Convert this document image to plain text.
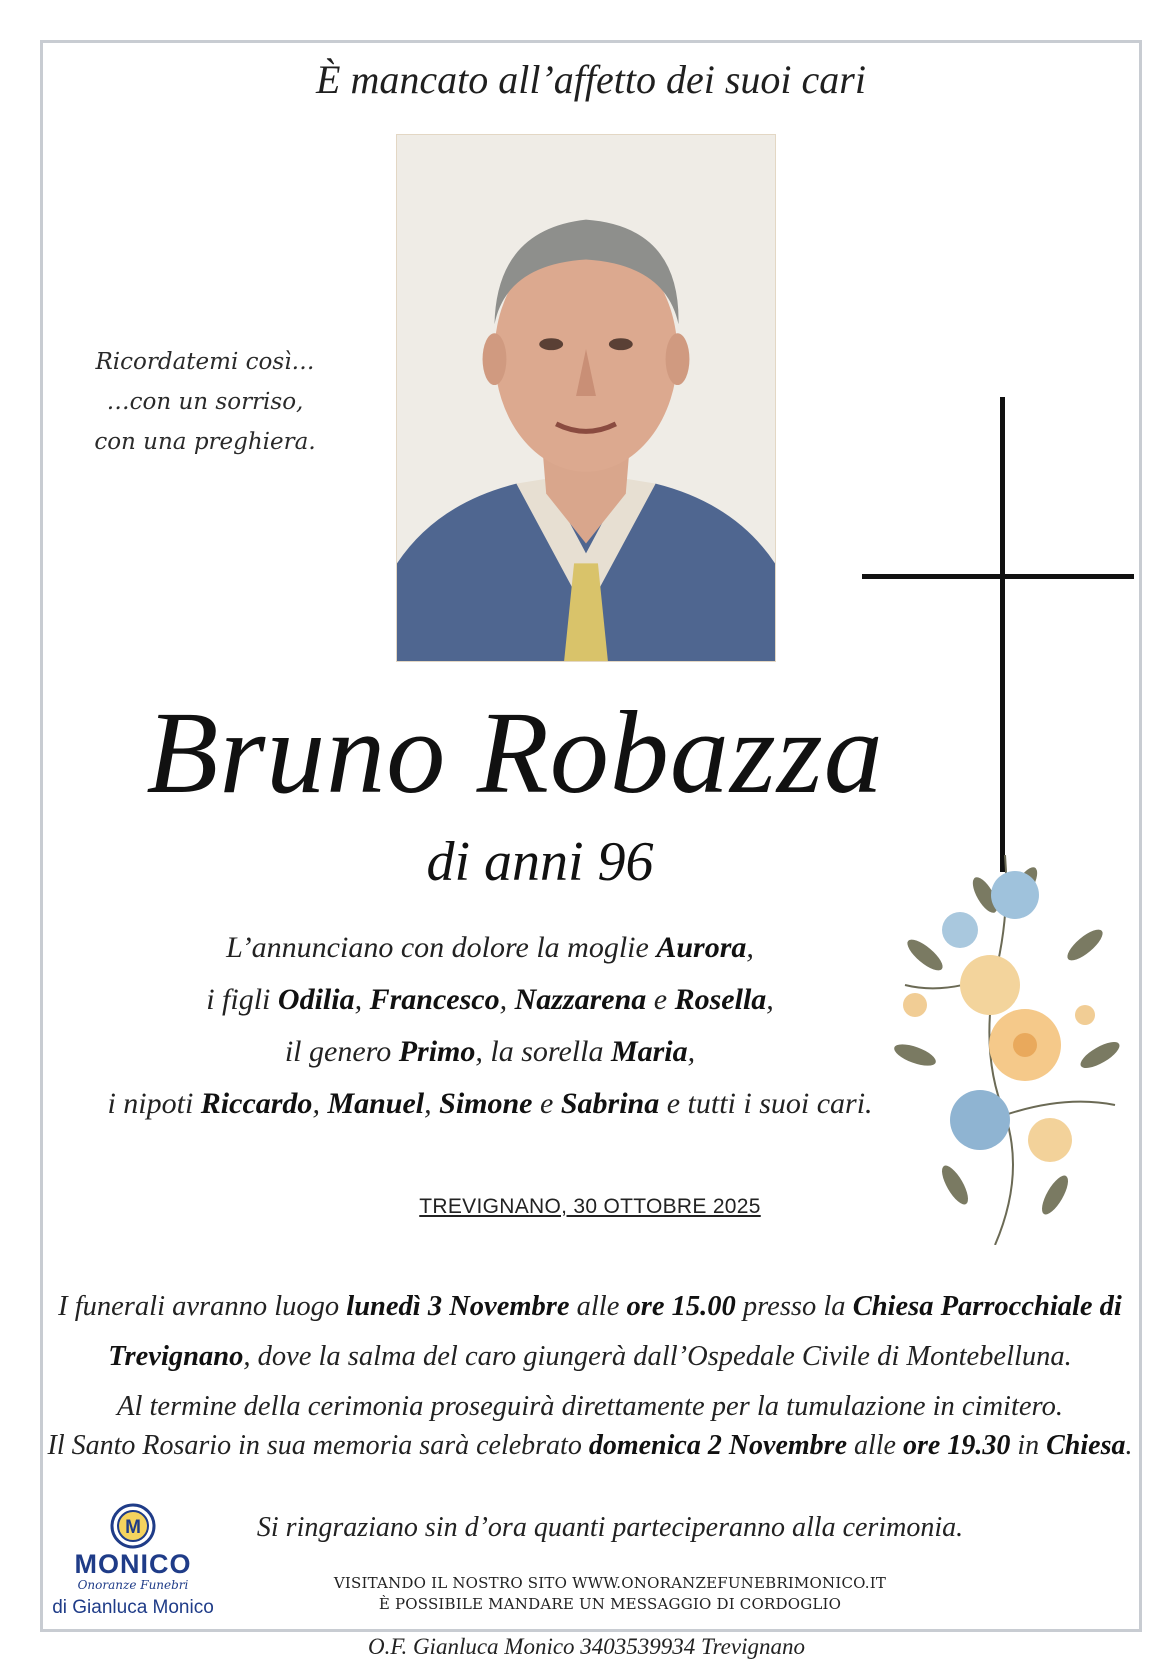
È mancato all’affetto dei suoi cari
Ricordatemi così…
…con un sorriso,
con una preghiera.
Bruno Robazza
di anni 96
L’annunciano con dolore la moglie Aurora,
i figli Odilia, Francesco, Nazzarena e Rosella,
il genero Primo, la sorella Maria,
i nipoti Riccardo, Manuel, Simone e Sabrina e tutti i suoi cari.
TREVIGNANO, 30 OTTOBRE 2025
I funerali avranno luogo lunedì 3 Novembre alle ore 15.00 presso la Chiesa Parrocchiale di Trevignano, dove la salma del caro giungerà dall’Ospedale Civile di Montebelluna.
Al termine della cerimonia proseguirà direttamente per la tumulazione in cimitero.
Il Santo Rosario in sua memoria sarà celebrato domenica 2 Novembre alle ore 19.30 in Chiesa.
Si ringraziano sin d’ora quanti parteciperanno alla cerimonia.
M
MONICO
Onoranze Funebri
di Gianluca Monico
VISITANDO IL NOSTRO SITO WWW.ONORANZEFUNEBRIMONICO.IT
È POSSIBILE MANDARE UN MESSAGGIO DI CORDOGLIO
O.F. Gianluca Monico 3403539934 Trevignano
